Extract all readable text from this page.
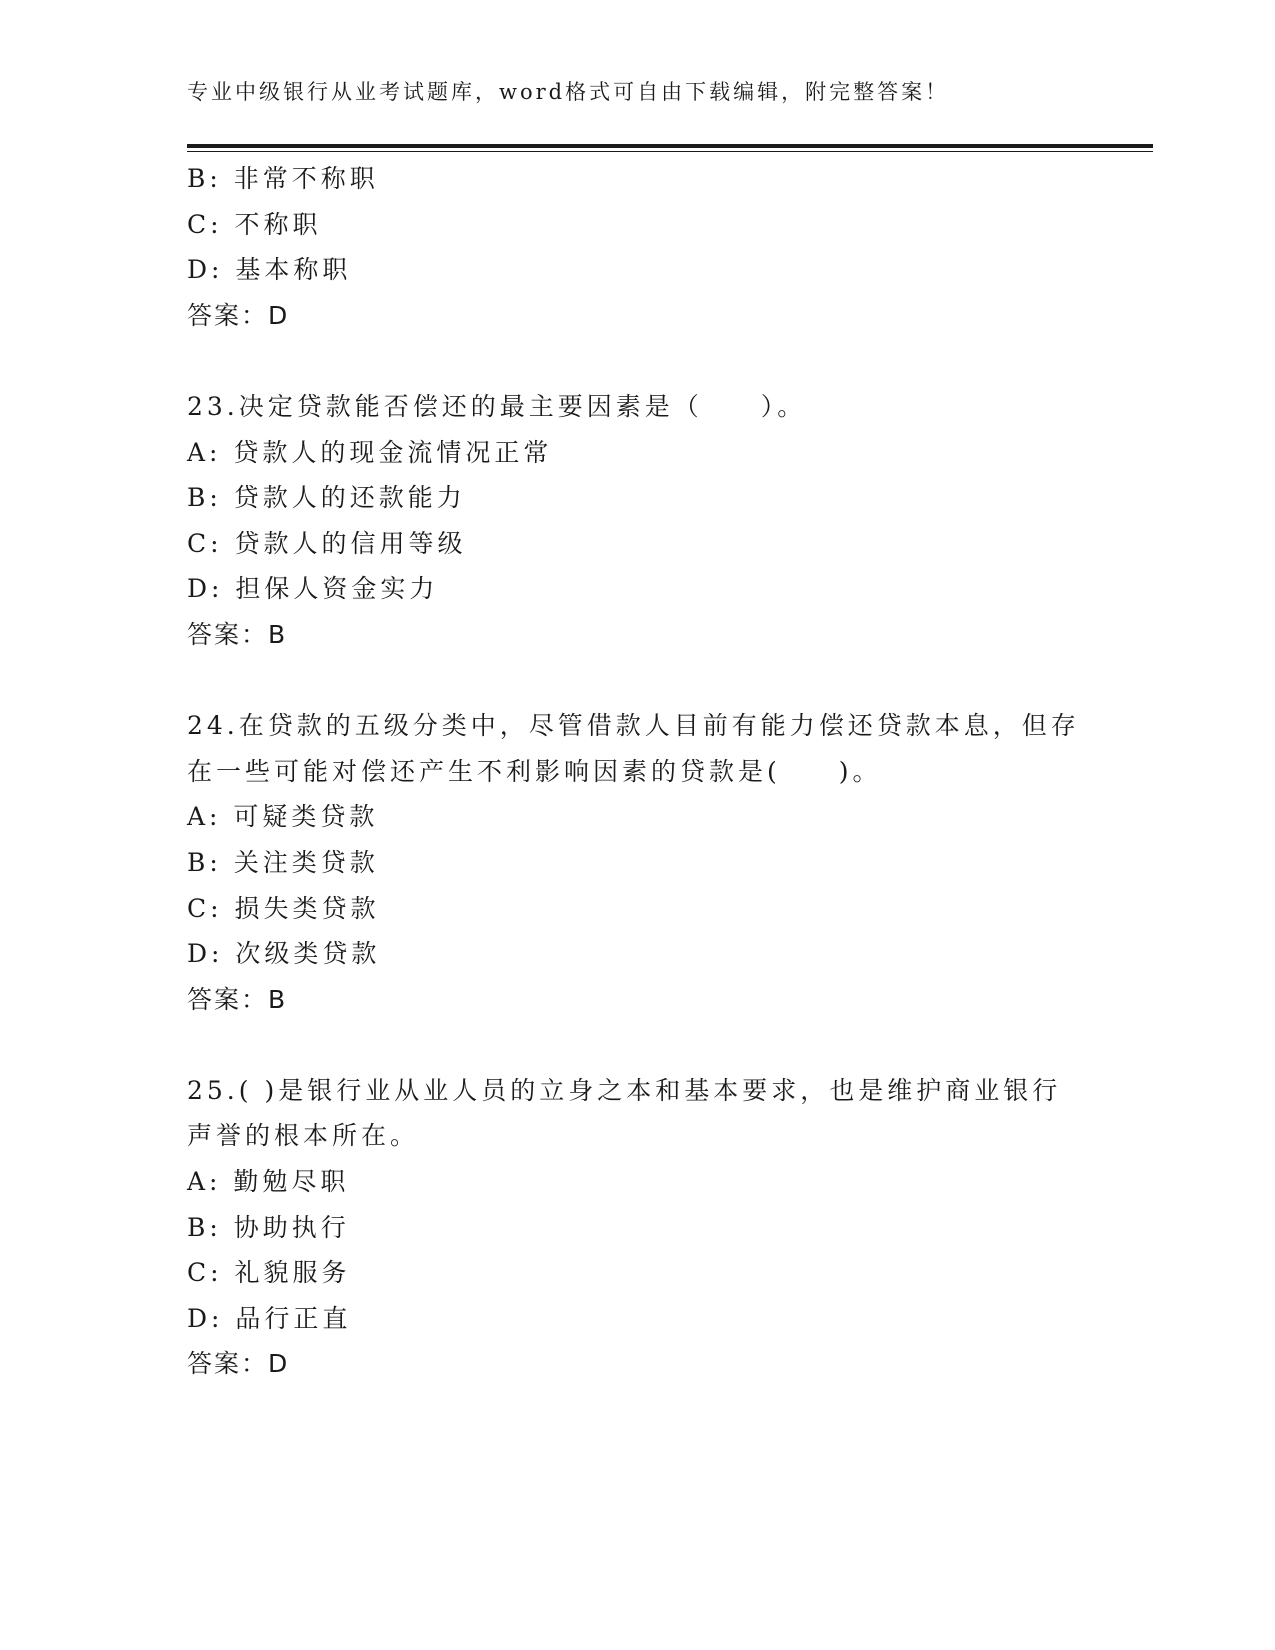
专业中级银行从业考试题库，word格式可自由下载编辑，附完整答案！
B: 非常不称职
C: 不称职
D: 基本称职
答案：D
23.决定贷款能否偿还的最主要因素是（　　）。
A: 贷款人的现金流情况正常
B: 贷款人的还款能力
C: 贷款人的信用等级
D: 担保人资金实力
答案：B
24.在贷款的五级分类中，尽管借款人目前有能力偿还贷款本息，但存
在一些可能对偿还产生不利影响因素的贷款是(　　)。
A: 可疑类贷款
B: 关注类贷款
C: 损失类贷款
D: 次级类贷款
答案：B
25.( )是银行业从业人员的立身之本和基本要求，也是维护商业银行
声誉的根本所在。
A: 勤勉尽职
B: 协助执行
C: 礼貌服务
D: 品行正直
答案：D
